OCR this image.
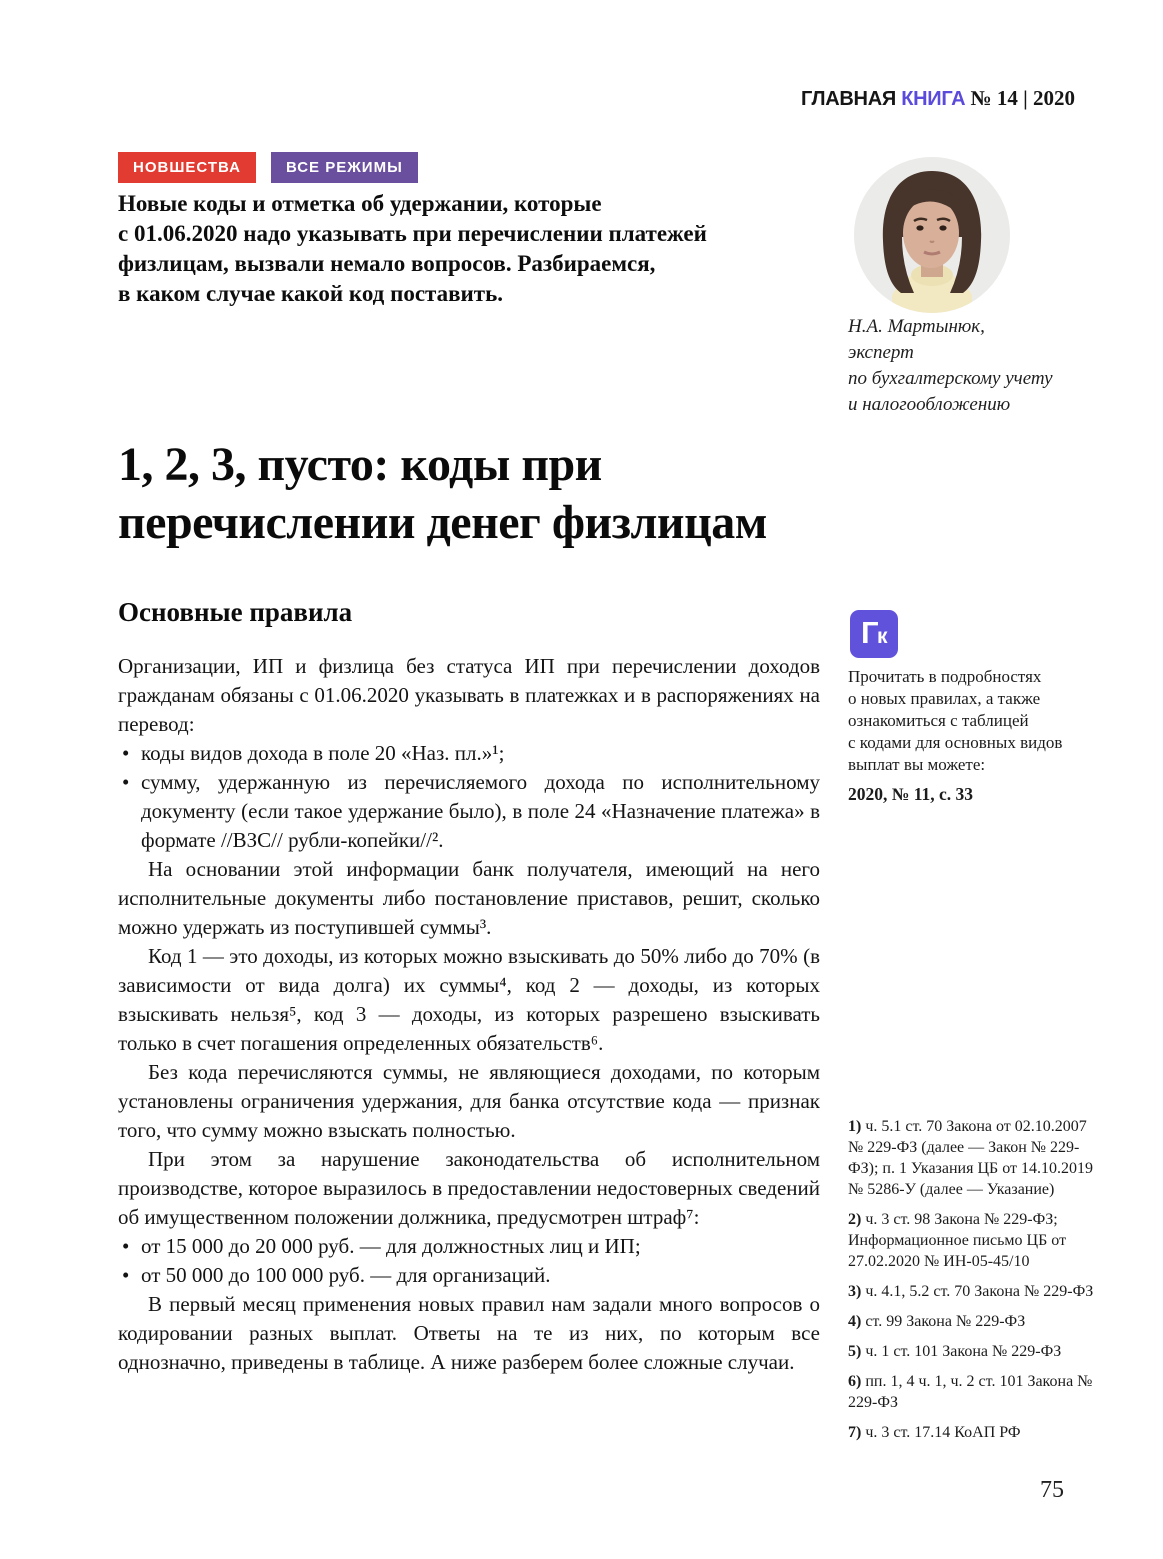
ГЛАВНАЯ КНИГА № 14 | 2020
НОВШЕСТВА	ВСЕ РЕЖИМЫ
Новые коды и отметка об удержании, которые
с 01.06.2020 надо указывать при перечислении платежей
физлицам, вызвали немало вопросов. Разбираемся,
в каком случае какой код поставить.
Н.А. Мартынюк,
эксперт
по бухгалтерскому учету
и налогообложению
1, 2, 3, пусто: коды при
перечислении денег физлицам
Основные правила

Организации, ИП и физлица без статуса ИП при перечислении доходов гражданам обязаны с 01.06.2020 указывать в платежках и в распоряжениях на перевод:

• коды видов дохода в поле 20 «Наз. пл.»¹;

• сумму, удержанную из перечисляемого дохода по исполнительному документу (если такое удержание было), в поле 24 «Назначение платежа» в формате //ВЗС// рубли-копейки//².

На основании этой информации банк получателя, имеющий на него исполнительные документы либо постановление приставов, решит, сколько можно удержать из поступившей суммы³.

Код 1 — это доходы, из которых можно взыскивать до 50% либо до 70% (в зависимости от вида долга) их суммы⁴, код 2 — доходы, из которых взыскивать нельзя⁵, код 3 — доходы, из которых разрешено взыскивать только в счет погашения определенных обязательств⁶.

Без кода перечисляются суммы, не являющиеся доходами, по которым установлены ограничения удержания, для банка отсутствие кода — признак того, что сумму можно взыскать полностью.

При этом за нарушение законодательства об исполнительном производстве, которое выразилось в предоставлении недостоверных сведений об имущественном положении должника, предусмотрен штраф⁷:

• от 15 000 до 20 000 руб. — для должностных лиц и ИП;

• от 50 000 до 100 000 руб. — для организаций.

В первый месяц применения новых правил нам задали много вопросов о кодировании разных выплат. Ответы на те из них, по которым все однозначно, приведены в таблице. А ниже разберем более сложные случаи.

Г
к
Прочитать в подробностях
о новых правилах, а также
ознакомиться с таблицей
с кодами для основных видов
выплат вы можете:
2020, № 11, с. 33
1) ч. 5.1 ст. 70 Закона от 02.10.2007 № 229-ФЗ (далее — Закон № 229-ФЗ); п. 1 Указания ЦБ от 14.10.2019 № 5286-У (далее — Указание)
2) ч. 3 ст. 98 Закона № 229-ФЗ; Информационное письмо ЦБ от 27.02.2020 № ИН-05-45/10
3) ч. 4.1, 5.2 ст. 70 Закона № 229-ФЗ
4) ст. 99 Закона № 229-ФЗ
5) ч. 1 ст. 101 Закона № 229-ФЗ
6) пп. 1, 4 ч. 1, ч. 2 ст. 101 Закона № 229-ФЗ
7) ч. 3 ст. 17.14 КоАП РФ
75
